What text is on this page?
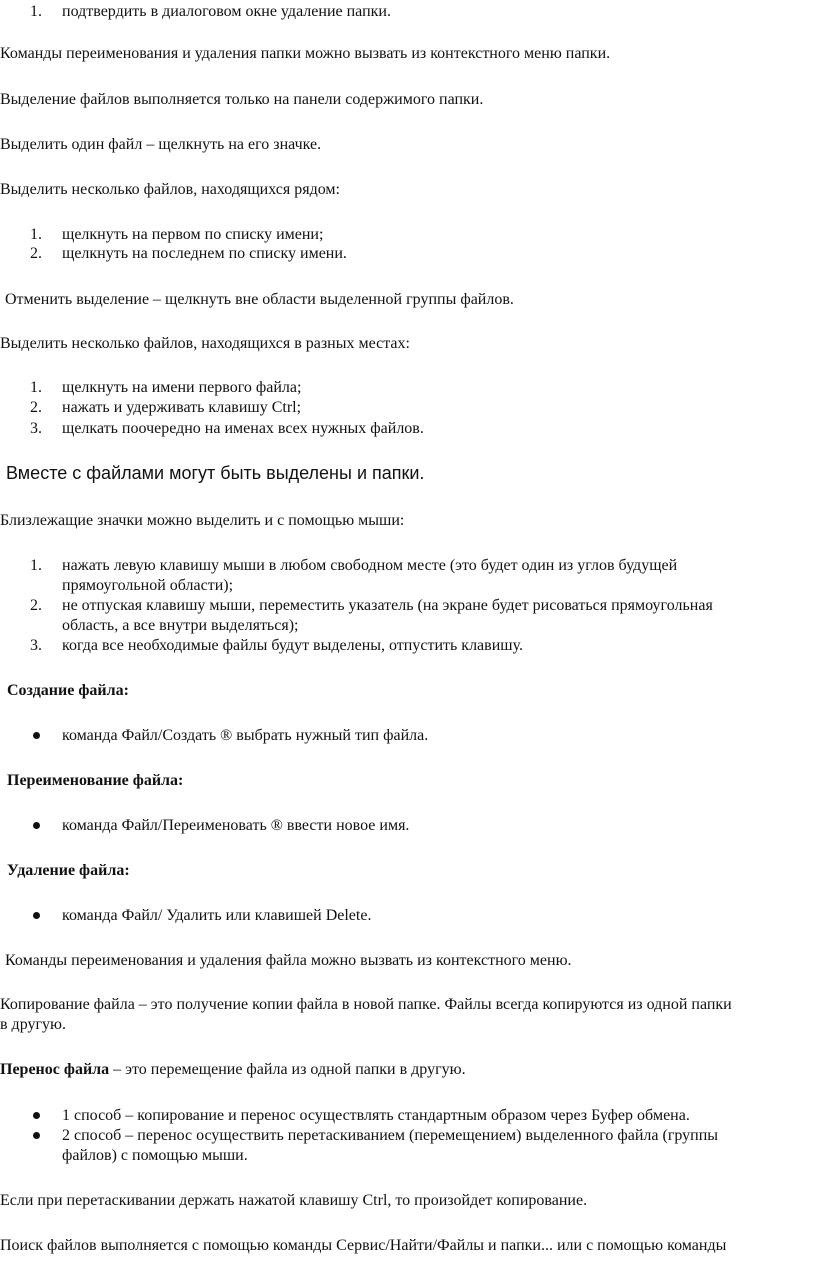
1. подтвердить в диалоговом окне удаление папки.
Команды переименования и удаления папки можно вызвать из контекстного меню папки.
Выделение файлов выполняется только на панели содержимого папки.
Выделить один файл – щелкнуть на его значке.
Выделить несколько файлов, находящихся рядом:
1. щелкнуть на первом по списку имени;
2. щелкнуть на последнем по списку имени.
Отменить выделение – щелкнуть вне области выделенной группы файлов.
Выделить несколько файлов, находящихся в разных местах:
1. щелкнуть на имени первого файла;
2. нажать и удерживать клавишу Ctrl;
3. щелкать поочередно на именах всех нужных файлов.
Вместе с файлами могут быть выделены и папки.
Близлежащие значки можно выделить и с помощью мыши:
1. нажать левую клавишу мыши в любом свободном месте (это будет один из углов будущей
прямоугольной области);
2. не отпуская клавишу мыши, переместить указатель (на экране будет рисоваться прямоугольная
область, а все внутри выделяться);
3. когда все необходимые файлы будут выделены, отпустить клавишу.
Создание файла:
команда Файл/Создать ® выбрать нужный тип файла.
Переименование файла:
команда Файл/Переименовать ® ввести новое имя.
Удаление файла:
команда Файл/ Удалить или клавишей Delete.
Команды переименования и удаления файла можно вызвать из контекстного меню.
Копирование файла – это получение копии файла в новой папке. Файлы всегда копируются из одной папки
в другую.
Перенос файла – это перемещение файла из одной папки в другую.
1 способ – копирование и перенос осуществлять стандартным образом через Буфер обмена.
2 способ – перенос осуществить перетаскиванием (перемещением) выделенного файла (группы
файлов) с помощью мыши.
Если при перетаскивании держать нажатой клавишу Ctrl, то произойдет копирование.
Поиск файлов выполняется с помощью команды Сервис/Найти/Файлы и папки... или с помощью команды
